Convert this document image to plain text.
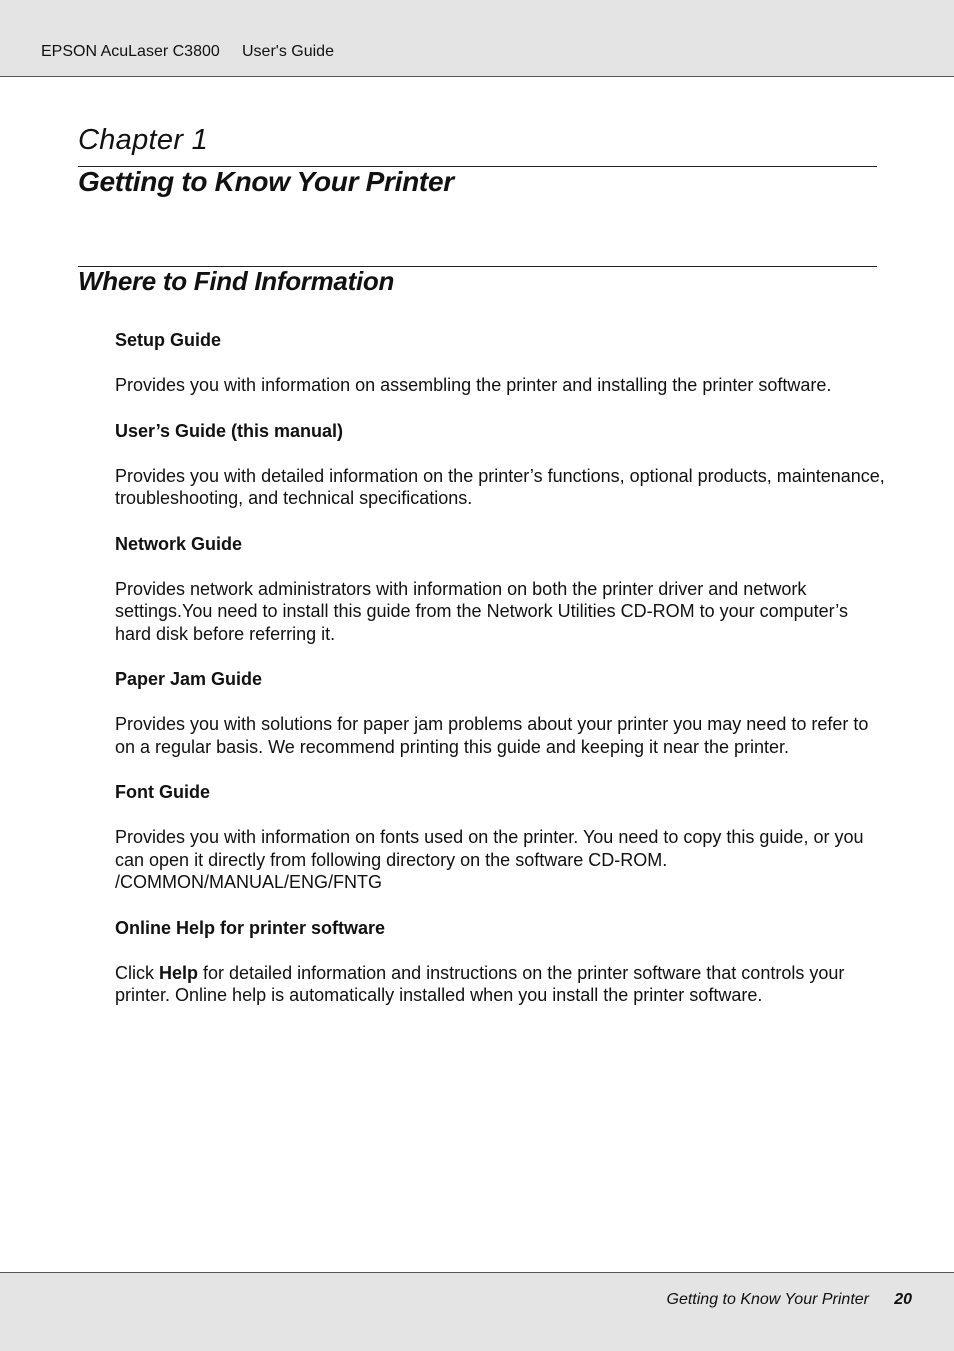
EPSON AcuLaser C3800 User's Guide
Chapter 1
Getting to Know Your Printer
Where to Find Information

Setup Guide

Provides you with information on assembling the printer and installing the printer software.

User’s Guide (this manual)

Provides you with detailed information on the printer’s functions, optional products, maintenance, troubleshooting, and technical specifications.

Network Guide

Provides network administrators with information on both the printer driver and network settings.You need to install this guide from the Network Utilities CD-ROM to your computer’s hard disk before referring it.

Paper Jam Guide

Provides you with solutions for paper jam problems about your printer you may need to refer to on a regular basis. We recommend printing this guide and keeping it near the printer.

Font Guide

Provides you with information on fonts used on the printer. You need to copy this guide, or you can open it directly from following directory on the software CD-ROM.
/COMMON/MANUAL/ENG/FNTG

Online Help for printer software

Click Help for detailed information and instructions on the printer software that controls your printer. Online help is automatically installed when you install the printer software.

Getting to Know Your Printer 20
